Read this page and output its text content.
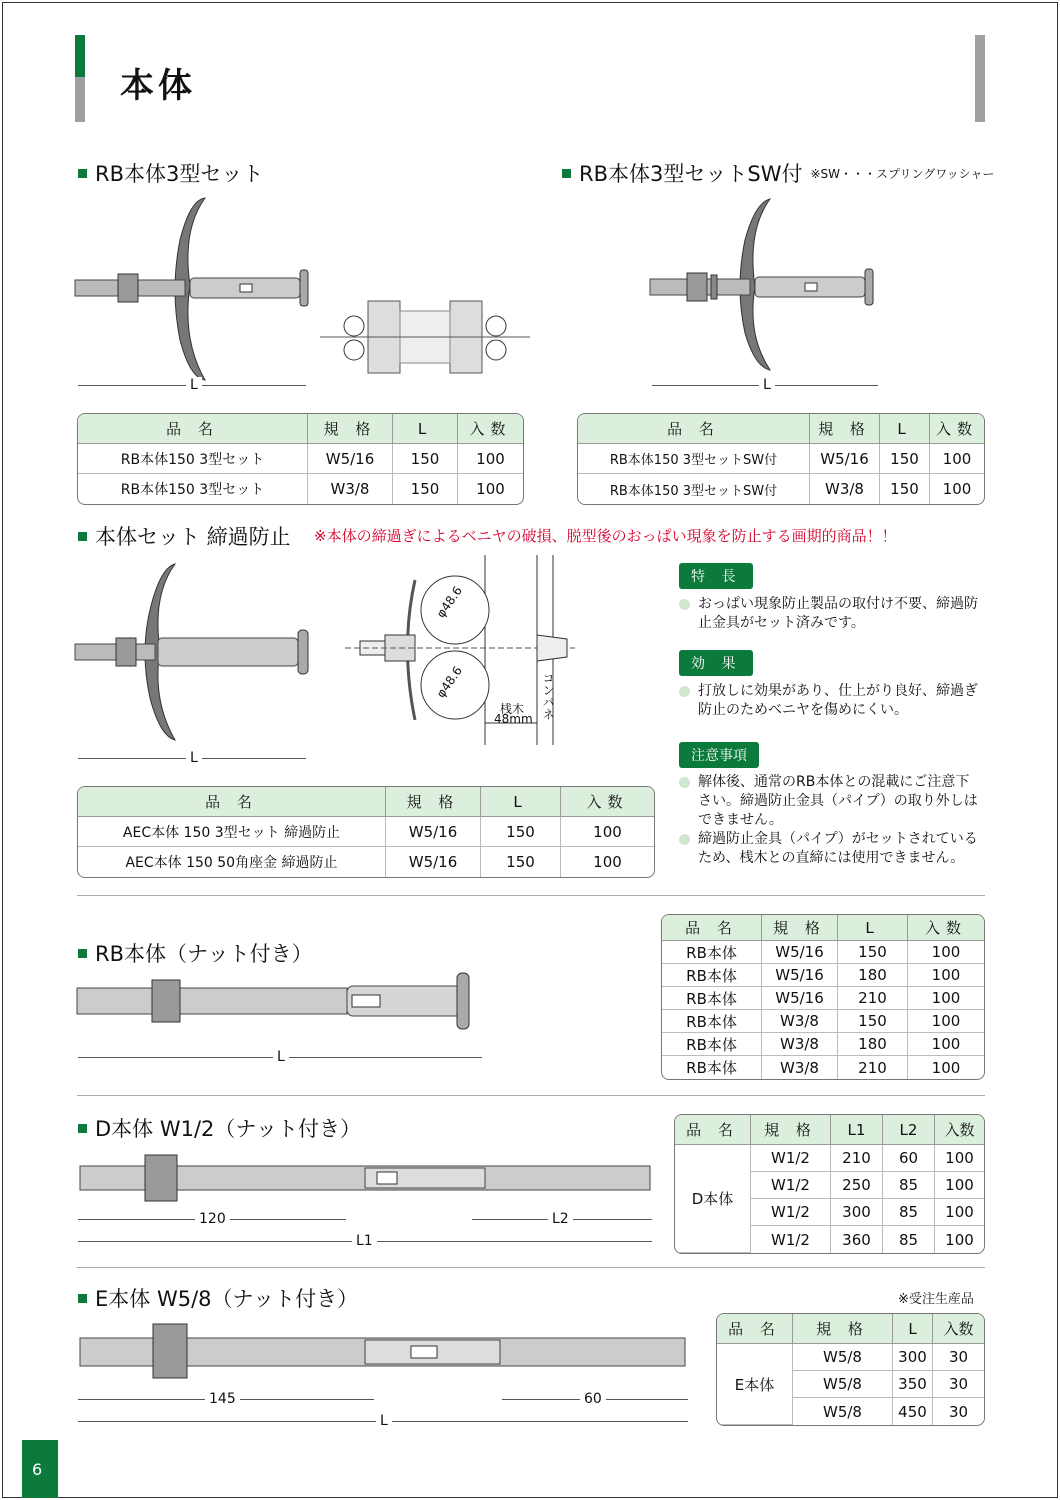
本体
RB本体3型セット
L
品 名	規 格	L	入数
RB本体150 3型セット	W5/16	150	100
RB本体150 3型セット	W3/8	150	100
RB本体3型セットSW付 ※SW・・・スプリングワッシャー
L
品 名	規 格	L	入数
RB本体150 3型セットSW付	W5/16	150	100
RB本体150 3型セットSW付	W3/8	150	100
本体セット 締過防止 ※本体の締過ぎによるベニヤの破損、脱型後のおっぱい現象を防止する画期的商品！！
L
φ48.6
φ48.6
桟木
48mm コンパネ
特 長
おっぱい現象防止製品の取付け不要、締過防止金具がセット済みです。
効 果
打放しに効果があり、仕上がり良好、締過ぎ防止のためベニヤを傷めにくい。
注意事項
解体後、通常のRB本体との混載にご注意下さい。締過防止金具（パイプ）の取り外しはできません。
締過防止金具（パイプ）がセットされているため、桟木との直締には使用できません。
品 名	規 格	L	入数
AEC本体 150 3型セット 締過防止	W5/16	150	100
AEC本体 150 50角座金 締過防止	W5/16	150	100
RB本体（ナット付き）
L
品 名	規 格	L	入数
RB本体	W5/16	150	100
RB本体	W5/16	180	100
RB本体	W5/16	210	100
RB本体	W3/8	150	100
RB本体	W3/8	180	100
RB本体	W3/8	210	100
D本体 W1/2（ナット付き）
120	L2
L1
品 名	規 格	L1	L2	入数
D本体	W1/2	210	60	100
	W1/2	250	85	100
	W1/2	300	85	100
	W1/2	360	85	100
E本体 W5/8（ナット付き）	※受注生産品
145	60
L
品 名	規 格	L	入数
E本体	W5/8	300	30
	W5/8	350	30
	W5/8	450	30
6
